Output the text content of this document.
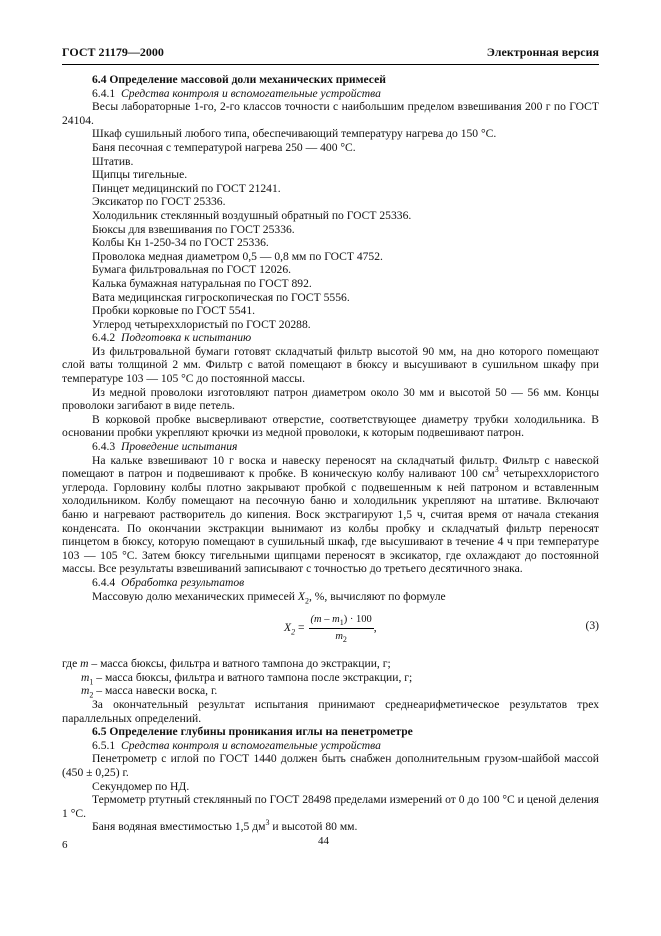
ГОСТ 21179—2000	Электронная версия

6.4 Определение массовой доли механических примесей

6.4.1 Средства контроля и вспомогательные устройства

Весы лабораторные 1-го, 2-го классов точности с наибольшим пределом взвешивания 200 г по ГОСТ 24104.

Шкаф сушильный любого типа, обеспечивающий температуру нагрева до 150 °С.

Баня песочная с температурой нагрева 250 — 400 °С.

Штатив.

Щипцы тигельные.

Пинцет медицинский по ГОСТ 21241.

Эксикатор по ГОСТ 25336.

Холодильник стеклянный воздушный обратный по ГОСТ 25336.

Бюксы для взвешивания по ГОСТ 25336.

Колбы Кн 1-250-34 по ГОСТ 25336.

Проволока медная диаметром 0,5 — 0,8 мм по ГОСТ 4752.

Бумага фильтровальная по ГОСТ 12026.

Калька бумажная натуральная по ГОСТ 892.

Вата медицинская гигроскопическая по ГОСТ 5556.

Пробки корковые по ГОСТ 5541.

Углерод четыреххлористый по ГОСТ 20288.

6.4.2 Подготовка к испытанию

Из фильтровальной бумаги готовят складчатый фильтр высотой 90 мм, на дно которого помещают слой ваты толщиной 2 мм. Фильтр с ватой помещают в бюксу и высушивают в сушильном шкафу при температуре 103 — 105 °С до постоянной массы.

Из медной проволоки изготовляют патрон диаметром около 30 мм и высотой 50 — 56 мм. Концы проволоки загибают в виде петель.

В корковой пробке высверливают отверстие, соответствующее диаметру трубки холодильника. В основании пробки укрепляют крючки из медной проволоки, к которым подвешивают патрон.

6.4.3 Проведение испытания

На кальке взвешивают 10 г воска и навеску переносят на складчатый фильтр. Фильтр с навеской помещают в патрон и подвешивают к пробке. В коническую колбу наливают 100 $см^3$ четыреххлористого углерода. Горловину колбы плотно закрывают пробкой с подвешенным к ней патроном и вставленным холодильником. Колбу помещают на песочную баню и холодильник укрепляют на штативе. Включают баню и нагревают растворитель до кипения. Воск экстрагируют 1,5 ч, считая время от начала стекания конденсата. По окончании экстракции вынимают из колбы пробку и складчатый фильтр переносят пинцетом в бюксу, которую помещают в сушильный шкаф, где высушивают в течение 4 ч при температуре 103 — 105 °С. Затем бюксу тигельными щипцами переносят в эксикатор, где охлаждают до постоянной массы. Все результаты взвешиваний записывают с точностью до третьего десятичного знака.

6.4.4 Обработка результатов

Массовую долю механических примесей $X_2$, %, вычисляют по формуле

$X_2 = \frac{(m - m_1) \cdot 100}{m_2}$ ,	(3)

где m – масса бюксы, фильтра и ватного тампона до экстракции, г;

$m_1$ – масса бюксы, фильтра и ватного тампона после экстракции, г;

$m_2$ – масса навески воска, г.

За окончательный результат испытания принимают среднеарифметическое результатов трех параллельных определений.

6.5 Определение глубины проникания иглы на пенетрометре

6.5.1 Средства контроля и вспомогательные устройства

Пенетрометр с иглой по ГОСТ 1440 должен быть снабжен дополнительным грузом-шайбой массой (450 ± 0,25) г.

Секундомер по НД.

Термометр ртутный стеклянный по ГОСТ 28498 пределами измерений от 0 до 100 °С и ценой деления 1 °С.

Баня водяная вместимостью 1,5 $дм^3$ и высотой 80 мм.

6	44
